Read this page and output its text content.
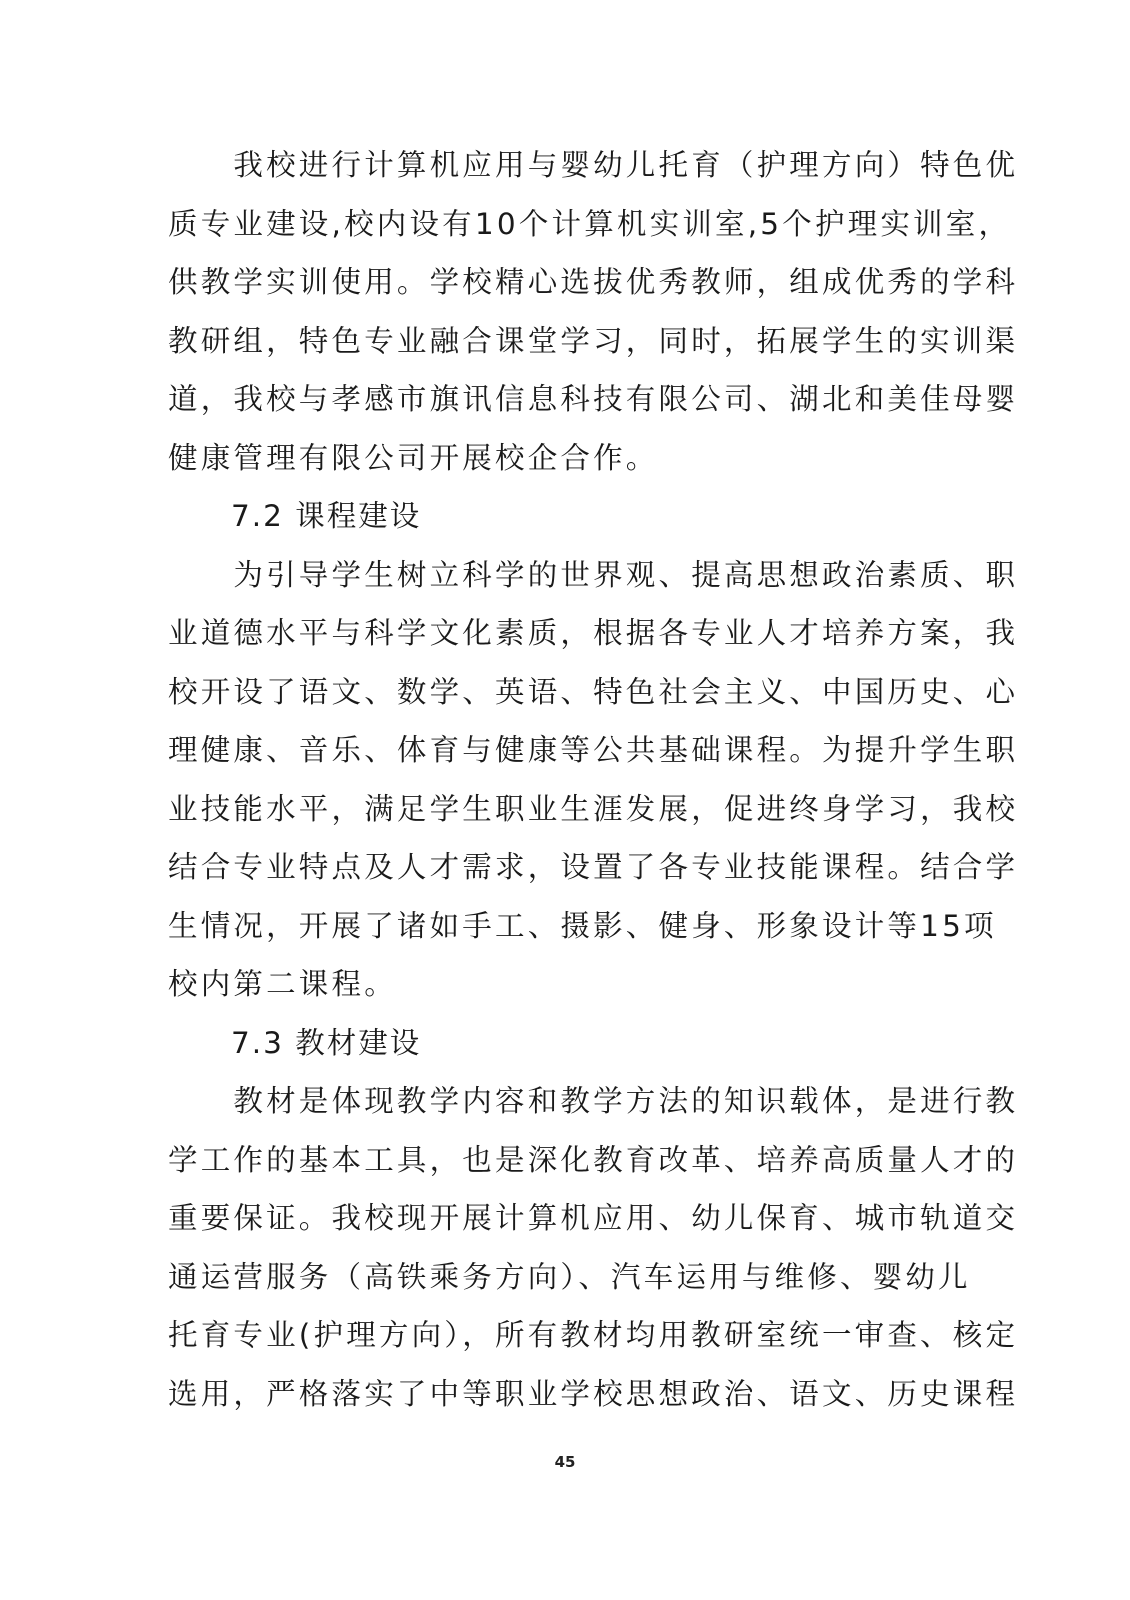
　　我校进行计算机应用与婴幼儿托育（护理方向）特色优
质专业建设,校内设有10个计算机实训室,5个护理实训室，
供教学实训使用。学校精心选拔优秀教师，组成优秀的学科
教研组，特色专业融合课堂学习，同时，拓展学生的实训渠
道，我校与孝感市旗讯信息科技有限公司、湖北和美佳母婴
健康管理有限公司开展校企合作。
　　7.2 课程建设
　　为引导学生树立科学的世界观、提高思想政治素质、职
业道德水平与科学文化素质，根据各专业人才培养方案，我
校开设了语文、数学、英语、特色社会主义、中国历史、心
理健康、音乐、体育与健康等公共基础课程。为提升学生职
业技能水平，满足学生职业生涯发展，促进终身学习，我校
结合专业特点及人才需求，设置了各专业技能课程。结合学
生情况，开展了诸如手工、摄影、健身、形象设计等15项
校内第二课程。
　　7.3 教材建设
　　教材是体现教学内容和教学方法的知识载体，是进行教
学工作的基本工具，也是深化教育改革、培养高质量人才的
重要保证。我校现开展计算机应用、幼儿保育、城市轨道交
通运营服务（高铁乘务方向）、汽车运用与维修、婴幼儿
托育专业(护理方向），所有教材均用教研室统一审查、核定
选用，严格落实了中等职业学校思想政治、语文、历史课程
45
